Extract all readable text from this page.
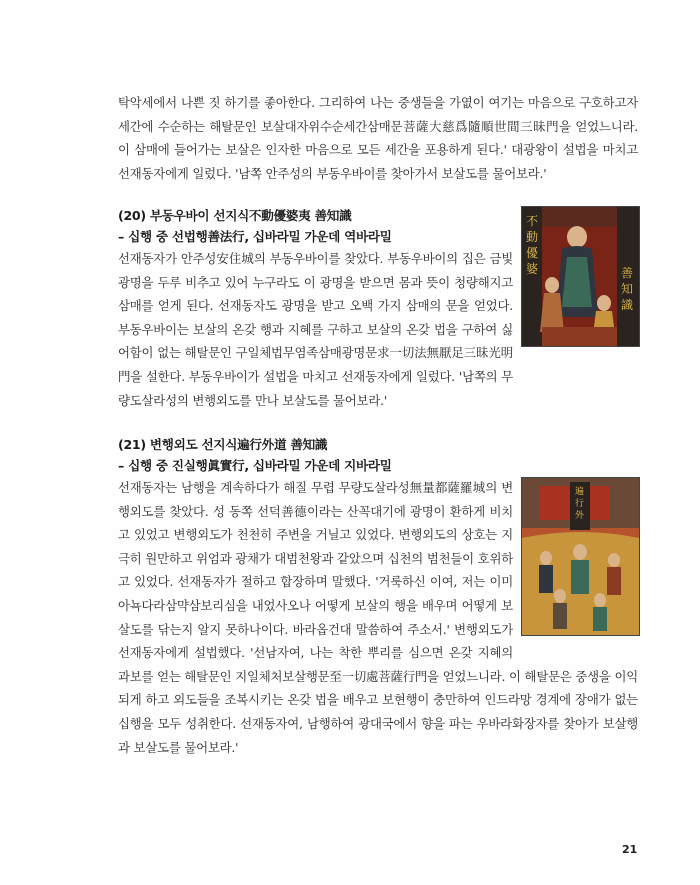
탁악세에서 나쁜 짓 하기를 좋아한다. 그리하여 나는 중생들을 가엾이 여기는 마음으로 구호하고자 세간에 수순하는 해탈문인 보살대자위수순세간삼매문菩薩大慈爲隨順世間三昧門을 얻었느니라. 이 삼매에 들어가는 보살은 인자한 마음으로 모든 세간을 포용하게 된다.' 대광왕이 설법을 마치고 선재동자에게 일렀다. '남쪽 안주성의 부동우바이를 찾아가서 보살도를 물어보라.'

(20) 부동우바이 선지식不動優婆夷 善知識
– 십행 중 선법행善法行, 십바라밀 가운데 역바라밀
不
動
優
婆	善
知
識

선재동자가 안주성安住城의 부동우바이를 찾았다. 부동우바이의 집은 금빛 광명을 두루 비추고 있어 누구라도 이 광명을 받으면 몸과 뜻이 청량해지고 삼매를 얻게 된다. 선재동자도 광명을 받고 오백 가지 삼매의 문을 얻었다. 부동우바이는 보살의 온갖 행과 지혜를 구하고 보살의 온갖 법을 구하여 싫어함이 없는 해탈문인 구일체법무염족삼매광명문求一切法無厭足三昧光明門을 설한다. 부동우바이가 설법을 마치고 선재동자에게 일렀다. '남쪽의 무량도살라성의 변행외도를 만나 보살도를 물어보라.'

(21) 변행외도 선지식遍行外道 善知識
– 십행 중 진실행眞實行, 십바라밀 가운데 지바라밀
遍
行
外

선재동자는 남행을 계속하다가 해질 무렵 무량도살라성無量都薩羅城의 변행외도를 찾았다. 성 동쪽 선덕善德이라는 산꼭대기에 광명이 환하게 비치고 있었고 변행외도가 천천히 주변을 거닐고 있었다. 변행외도의 상호는 지극히 원만하고 위엄과 광채가 대범천왕과 같았으며 십천의 범천들이 호위하고 있었다. 선재동자가 절하고 합장하며 말했다. '거룩하신 이여, 저는 이미 아뇩다라삼먁삼보리심을 내었사오나 어떻게 보살의 행을 배우며 어떻게 보살도를 닦는지 알지 못하나이다. 바라옵건대 말씀하여 주소서.' 변행외도가 선재동자에게 설법했다. '선남자여, 나는 착한 뿌리를 심으면 온갖 지혜의 과보를 얻는 해탈문인 지일체처보살행문至一切處菩薩行門을 얻었느니라. 이 해탈문은 중생을 이익되게 하고 외도들을 조복시키는 온갖 법을 배우고 보현행이 충만하여 인드라망 경계에 장애가 없는 십행을 모두 성취한다. 선재동자여, 남행하여 광대국에서 향을 파는 우바라화장자를 찾아가 보살행과 보살도를 물어보라.'

21
